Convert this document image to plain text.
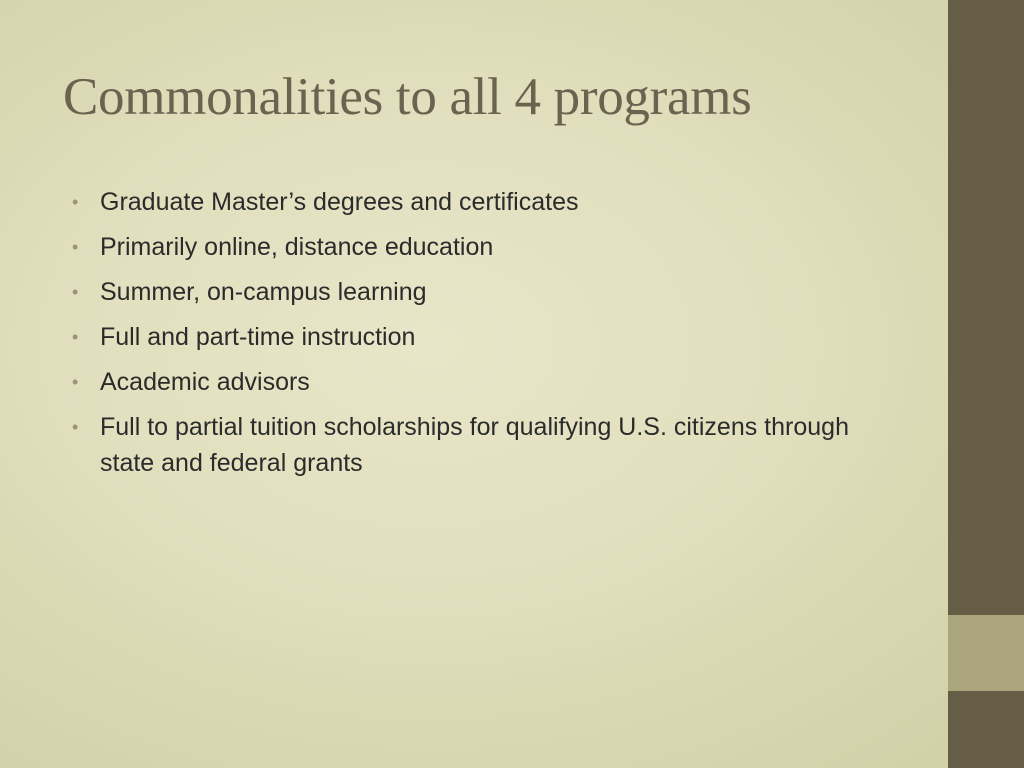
Commonalities to all 4 programs
• Graduate Master’s degrees and certificates
• Primarily online, distance education
• Summer, on-campus learning
• Full and part-time instruction
• Academic advisors
• Full to partial tuition scholarships for qualifying U.S. citizens through state and federal grants
